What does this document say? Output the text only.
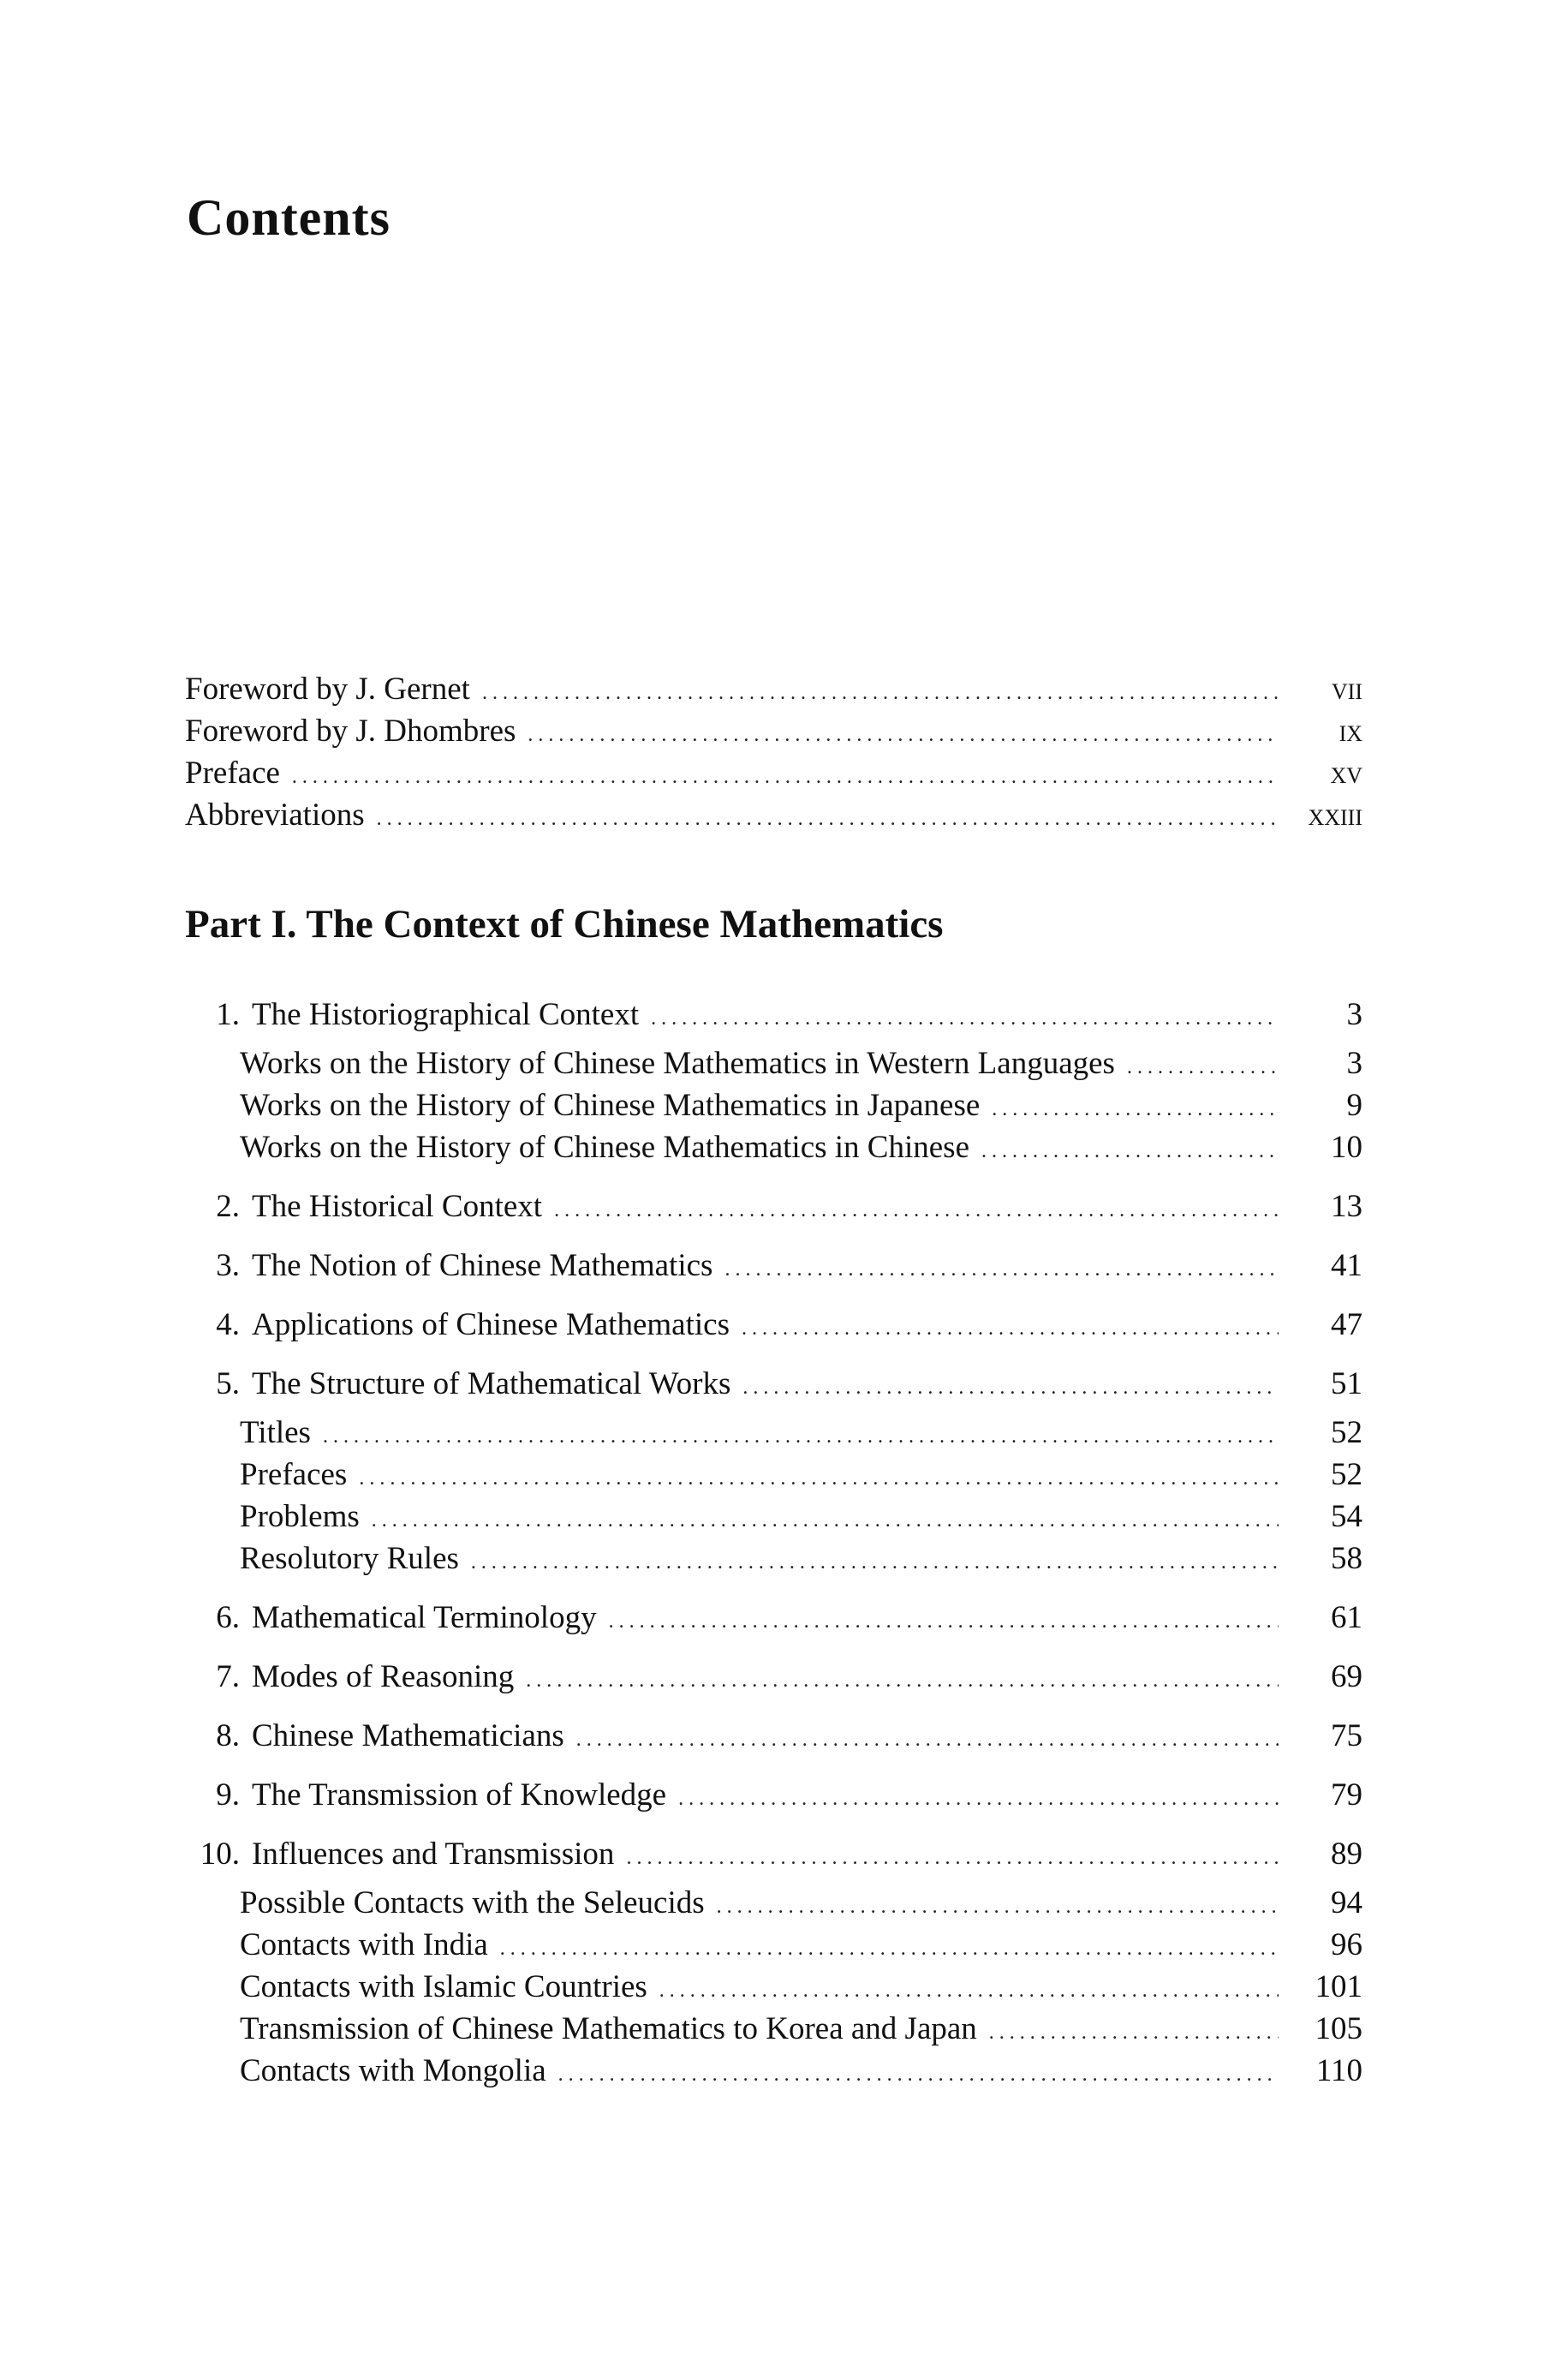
Contents
Foreword by J. Gernet . . .	vii
Foreword by J. Dhombres . . .	ix
Preface . . .	xv
Abbreviations . . .	xxiii
Part I. The Context of Chinese Mathematics
1. The Historiographical Context . . .	3
Works on the History of Chinese Mathematics in Western Languages . . .	3
Works on the History of Chinese Mathematics in Japanese . . .	9
Works on the History of Chinese Mathematics in Chinese . . .	10
2. The Historical Context . . .	13
3. The Notion of Chinese Mathematics . . .	41
4. Applications of Chinese Mathematics . . .	47
5. The Structure of Mathematical Works . . .	51
Titles . . .	52
Prefaces . . .	52
Problems . . .	54
Resolutory Rules . . .	58
6. Mathematical Terminology . . .	61
7. Modes of Reasoning . . .	69
8. Chinese Mathematicians . . .	75
9. The Transmission of Knowledge . . .	79
10. Influences and Transmission . . .	89
Possible Contacts with the Seleucids . . .	94
Contacts with India . . .	96
Contacts with Islamic Countries . . .	101
Transmission of Chinese Mathematics to Korea and Japan . . .	105
Contacts with Mongolia . . .	110
